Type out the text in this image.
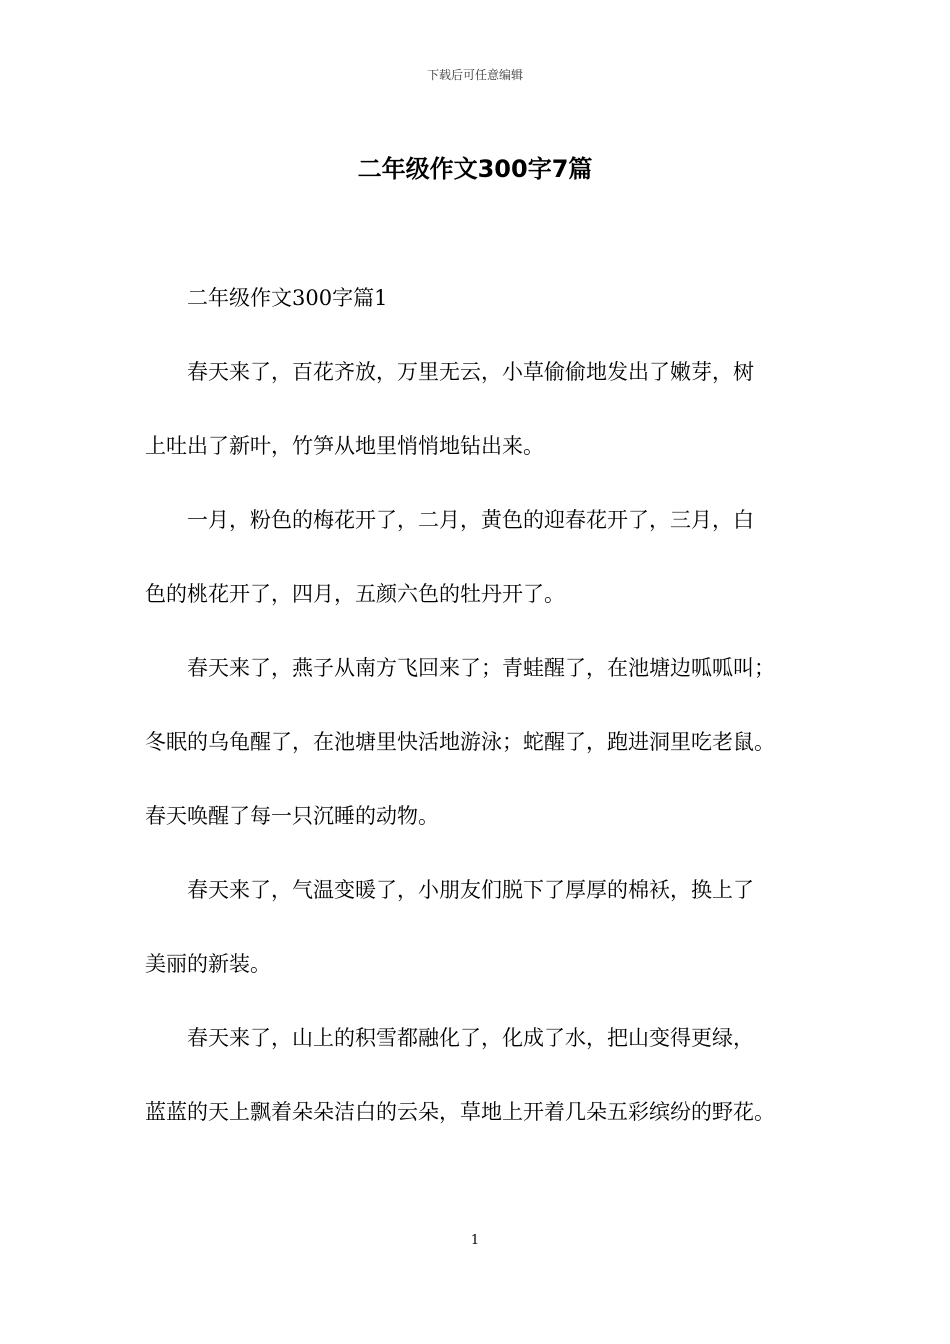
下载后可任意编辑
二年级作文300字7篇

二年级作文300字篇1

春天来了，百花齐放，万里无云，小草偷偷地发出了嫩芽，树
上吐出了新叶，竹笋从地里悄悄地钻出来。

一月，粉色的梅花开了，二月，黄色的迎春花开了，三月，白
色的桃花开了，四月，五颜六色的牡丹开了。

春天来了，燕子从南方飞回来了；青蛙醒了，在池塘边呱呱叫；
冬眠的乌龟醒了，在池塘里快活地游泳；蛇醒了，跑进洞里吃老鼠。
春天唤醒了每一只沉睡的动物。

春天来了，气温变暖了，小朋友们脱下了厚厚的棉袄，换上了
美丽的新装。

春天来了，山上的积雪都融化了，化成了水，把山变得更绿，
蓝蓝的天上飘着朵朵洁白的云朵，草地上开着几朵五彩缤纷的野花。

1
